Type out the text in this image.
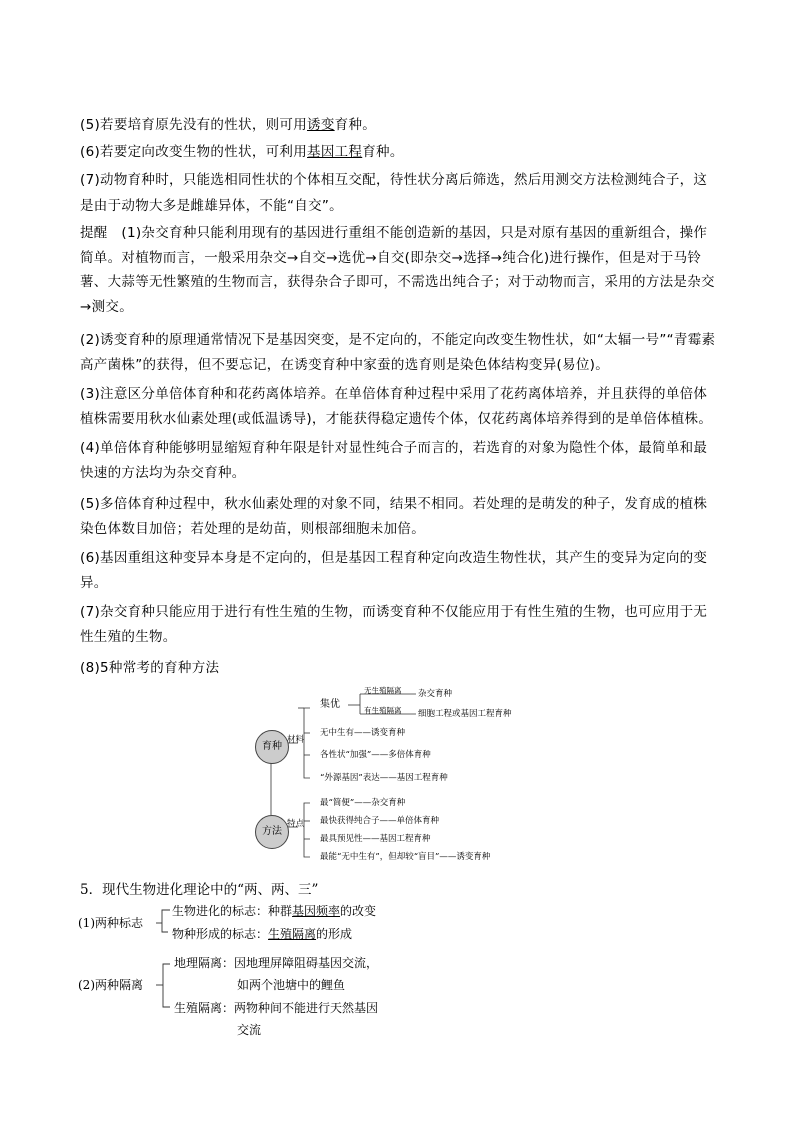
(5)若要培育原先没有的性状，则可用诱变育种。
(6)若要定向改变生物的性状，可利用基因工程育种。
(7)动物育种时，只能选相同性状的个体相互交配，待性状分离后筛选，然后用测交方法检测纯合子，这是由于动物大多是雌雄异体，不能“自交”。
提醒　(1)杂交育种只能利用现有的基因进行重组不能创造新的基因，只是对原有基因的重新组合，操作简单。对植物而言，一般采用杂交→自交→选优→自交(即杂交→选择→纯合化)进行操作，但是对于马铃薯、大蒜等无性繁殖的生物而言，获得杂合子即可，不需选出纯合子；对于动物而言，采用的方法是杂交→测交。
(2)诱变育种的原理通常情况下是基因突变，是不定向的，不能定向改变生物性状，如“太辐一号”“青霉素高产菌株”的获得，但不要忘记，在诱变育种中家蚕的选育则是染色体结构变异(易位)。
(3)注意区分单倍体育种和花药离体培养。在单倍体育种过程中采用了花药离体培养，并且获得的单倍体植株需要用秋水仙素处理(或低温诱导)，才能获得稳定遗传个体，仅花药离体培养得到的是单倍体植株。
(4)单倍体育种能够明显缩短育种年限是针对显性纯合子而言的，若选育的对象为隐性个体，最简单和最快速的方法均为杂交育种。
(5)多倍体育种过程中，秋水仙素处理的对象不同，结果不相同。若处理的是萌发的种子，发育成的植株染色体数目加倍；若处理的是幼苗，则根部细胞未加倍。
(6)基因重组这种变异本身是不定向的，但是基因工程育种定向改造生物性状，其产生的变异为定向的变异。
(7)杂交育种只能应用于进行有性生殖的生物，而诱变育种不仅能应用于有性生殖的生物，也可应用于无性生殖的生物。
(8)5种常考的育种方法
育种
方法
材料
特点
集优
无生殖隔离
有生殖隔离
杂交育种
细胞工程或基因工程育种
无中生有——诱变育种
各性状“加强”——多倍体育种
“外源基因”表达——基因工程育种
最“简便”——杂交育种
最快获得纯合子——单倍体育种
最具预见性——基因工程育种
最能“无中生有”，但却较“盲目”——诱变育种
5．现代生物进化理论中的“两、两、三”
(1)两种标志
生物进化的标志：种群基因频率的改变
物种形成的标志：生殖隔离的形成
(2)两种隔离
地理隔离：因地理屏障阻碍基因交流，
如两个池塘中的鲤鱼
生殖隔离：两物种间不能进行天然基因
交流
